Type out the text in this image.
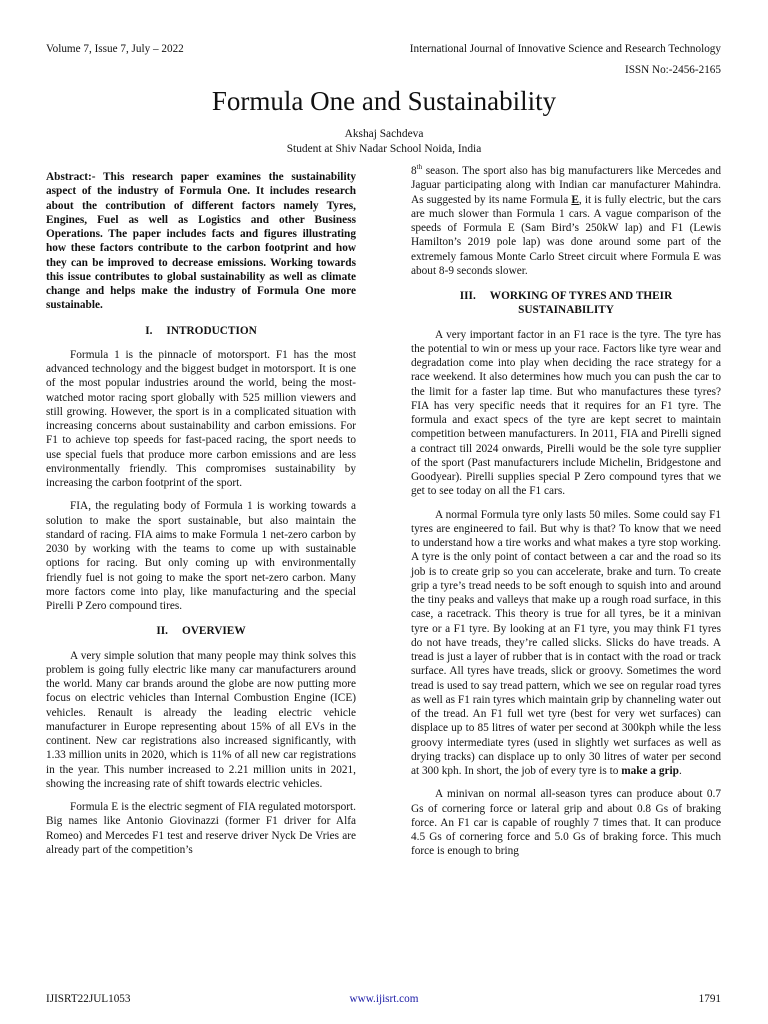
Volume 7, Issue 7, July – 2022	International Journal of Innovative Science and Research Technology
ISSN No:-2456-2165
Formula One and Sustainability
Akshaj Sachdeva
Student at Shiv Nadar School Noida, India

Abstract:- This research paper examines the sustainability aspect of the industry of Formula One. It includes research about the contribution of different factors namely Tyres, Engines, Fuel as well as Logistics and other Business Operations. The paper includes facts and figures illustrating how these factors contribute to the carbon footprint and how they can be improved to decrease emissions. Working towards this issue contributes to global sustainability as well as climate change and helps make the industry of Formula One more sustainable.

I. INTRODUCTION

Formula 1 is the pinnacle of motorsport. F1 has the most advanced technology and the biggest budget in motorsport. It is one of the most popular industries around the world, being the most-watched motor racing sport globally with 525 million viewers and still growing. However, the sport is in a complicated situation with increasing concerns about sustainability and carbon emissions. For F1 to achieve top speeds for fast-paced racing, the sport needs to use special fuels that produce more carbon emissions and are less environmentally friendly. This compromises sustainability by increasing the carbon footprint of the sport.

FIA, the regulating body of Formula 1 is working towards a solution to make the sport sustainable, but also maintain the standard of racing. FIA aims to make Formula 1 net-zero carbon by 2030 by working with the teams to come up with sustainable options for racing. But only coming up with environmentally friendly fuel is not going to make the sport net-zero carbon. Many more factors come into play, like manufacturing and the special Pirelli P Zero compound tires.

II. OVERVIEW

A very simple solution that many people may think solves this problem is going fully electric like many car manufacturers around the world. Many car brands around the globe are now putting more focus on electric vehicles than Internal Combustion Engine (ICE) vehicles. Renault is already the leading electric vehicle manufacturer in Europe representing about 15% of all EVs in the continent. New car registrations also increased significantly, with 1.33 million units in 2020, which is 11% of all new car registrations in the year. This number increased to 2.21 million units in 2021, showing the increasing rate of shift towards electric vehicles.

Formula E is the electric segment of FIA regulated motorsport. Big names like Antonio Giovinazzi (former F1 driver for Alfa Romeo) and Mercedes F1 test and reserve driver Nyck De Vries are already part of the competition’s

8th season. The sport also has big manufacturers like Mercedes and Jaguar participating along with Indian car manufacturer Mahindra. As suggested by its name Formula E, it is fully electric, but the cars are much slower than Formula 1 cars. A vague comparison of the speeds of Formula E (Sam Bird’s 250kW lap) and F1 (Lewis Hamilton’s 2019 pole lap) was done around some part of the extremely famous Monte Carlo Street circuit where Formula E was about 8-9 seconds slower.

III. WORKING OF TYRES AND THEIR SUSTAINABILITY

A very important factor in an F1 race is the tyre. The tyre has the potential to win or mess up your race. Factors like tyre wear and degradation come into play when deciding the race strategy for a race weekend. It also determines how much you can push the car to the limit for a faster lap time. But who manufactures these tyres? FIA has very specific needs that it requires for an F1 tyre. The formula and exact specs of the tyre are kept secret to maintain competition between manufacturers. In 2011, FIA and Pirelli signed a contract till 2024 onwards, Pirelli would be the sole tyre supplier of the sport (Past manufacturers include Michelin, Bridgestone and Goodyear). Pirelli supplies special P Zero compound tyres that we get to see today on all the F1 cars.

A normal Formula tyre only lasts 50 miles. Some could say F1 tyres are engineered to fail. But why is that? To know that we need to understand how a tire works and what makes a tyre stop working. A tyre is the only point of contact between a car and the road so its job is to create grip so you can accelerate, brake and turn. To create grip a tyre’s tread needs to be soft enough to squish into and around the tiny peaks and valleys that make up a rough road surface, in this case, a racetrack. This theory is true for all tyres, be it a minivan tyre or a F1 tyre. By looking at an F1 tyre, you may think F1 tyres do not have treads, they’re called slicks. Slicks do have treads. A tread is just a layer of rubber that is in contact with the road or track surface. All tyres have treads, slick or groovy. Sometimes the word tread is used to say tread pattern, which we see on regular road tyres as well as F1 rain tyres which maintain grip by channeling water out of the tread. An F1 full wet tyre (best for very wet surfaces) can displace up to 85 litres of water per second at 300kph while the less groovy intermediate tyres (used in slightly wet surfaces as well as drying tracks) can displace up to only 30 litres of water per second at 300 kph. In short, the job of every tyre is to make a grip.

A minivan on normal all-season tyres can produce about 0.7 Gs of cornering force or lateral grip and about 0.8 Gs of braking force. An F1 car is capable of roughly 7 times that. It can produce 4.5 Gs of cornering force and 5.0 Gs of braking force. This much force is enough to bring

IJISRT22JUL1053	www.ijisrt.com	1791
